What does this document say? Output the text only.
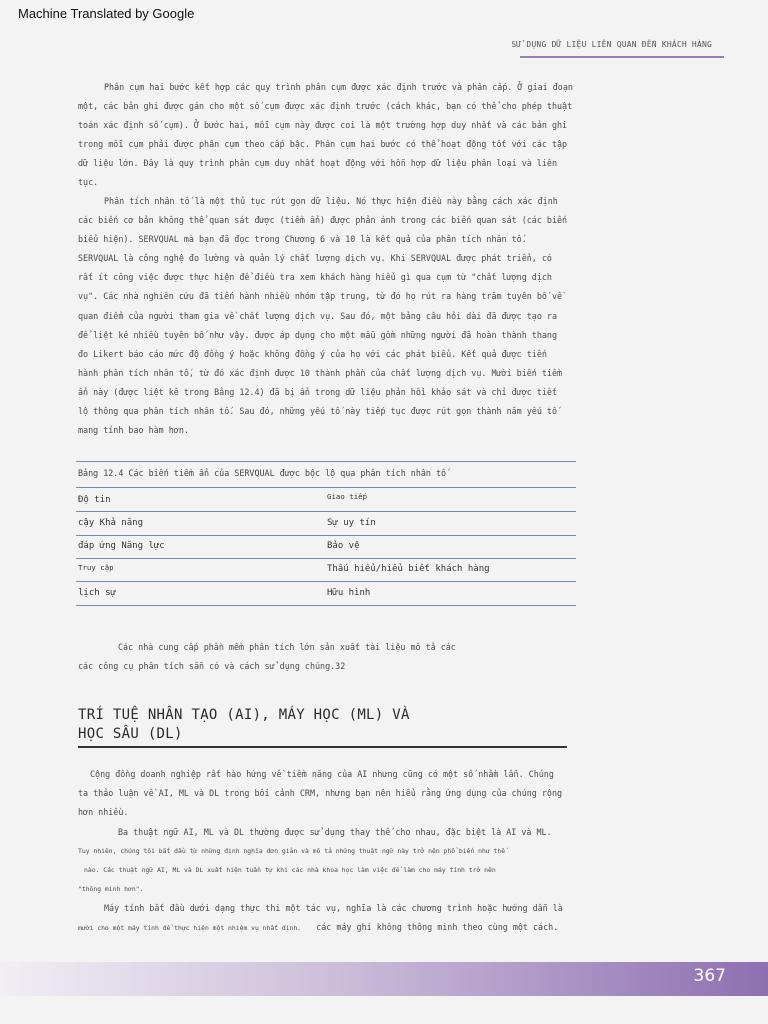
Machine Translated by Google
SỬ DỤNG DỮ LIỆU LIÊN QUAN ĐẾN KHÁCH HÀNG
Phân cụm hai bước kết hợp các quy trình phân cụm được xác định trước và phân cấp. Ở giai đoạn
một, các bản ghi được gán cho một số cụm được xác định trước (cách khác, bạn có thể cho phép thuật
toán xác định số cụm). Ở bước hai, mỗi cụm này được coi là một trường hợp duy nhất và các bản ghi
trong mỗi cụm phải được phân cụm theo cấp bậc. Phân cụm hai bước có thể hoạt động tốt với các tập
dữ liệu lớn. Đây là quy trình phân cụm duy nhất hoạt động với hỗn hợp dữ liệu phân loại và liên
tục.
Phân tích nhân tố là một thủ tục rút gọn dữ liệu. Nó thực hiện điều này bằng cách xác định
các biến cơ bản không thể quan sát được (tiềm ẩn) được phản ánh trong các biến quan sát (các biến
biểu hiện). SERVQUAL mà bạn đã đọc trong Chương 6 và 10 là kết quả của phân tích nhân tố.
SERVQUAL là công nghệ đo lường và quản lý chất lượng dịch vụ. Khi SERVQUAL được phát triển, có
rất ít công việc được thực hiện để điều tra xem khách hàng hiểu gì qua cụm từ "chất lượng dịch
vụ". Các nhà nghiên cứu đã tiến hành nhiều nhóm tập trung, từ đó họ rút ra hàng trăm tuyên bố về
quan điểm của người tham gia về chất lượng dịch vụ. Sau đó, một bảng câu hỏi dài đã được tạo ra
để liệt kê nhiều tuyên bố như vậy. được áp dụng cho một mẫu gồm những người đã hoàn thành thang
đo Likert báo cáo mức độ đồng ý hoặc không đồng ý của họ với các phát biểu. Kết quả được tiến
hành phân tích nhân tố, từ đó xác định được 10 thành phần của chất lượng dịch vụ. Mười biến tiềm
ẩn này (được liệt kê trong Bảng 12.4) đã bị ẩn trong dữ liệu phản hồi khảo sát và chỉ được tiết
lộ thông qua phân tích nhân tố. Sau đó, những yếu tố này tiếp tục được rút gọn thành năm yếu tố
mang tính bao hàm hơn.
Bảng 12.4 Các biến tiềm ẩn của SERVQUAL được bộc lộ qua phân tích nhân tố
Độ tin	Giao tiếp
cậy Khả năng	Sự uy tín
đáp ứng Năng lực	Bảo vệ
Truy cập	Thấu hiểu/hiểu biết khách hàng
lịch sự	Hữu hình
Các nhà cung cấp phần mềm phân tích lớn sản xuất tài liệu mô tả các
các công cụ phân tích sẵn có và cách sử dụng chúng.32
TRÍ TUỆ NHÂN TẠO (AI), MÁY HỌC (ML) VÀ
HỌC SÂU (DL)
Cộng đồng doanh nghiệp rất hào hứng về tiềm năng của AI nhưng cũng có một số nhầm lẫn. Chúng
ta thảo luận về AI, ML và DL trong bối cảnh CRM, nhưng bạn nên hiểu rằng ứng dụng của chúng rộng
hơn nhiều.
Ba thuật ngữ AI, ML và DL thường được sử dụng thay thế cho nhau, đặc biệt là AI và ML.
Tuy nhiên, chúng tôi bắt đầu từ những định nghĩa đơn giản và mô tả những thuật ngữ này trở nên phổ biến như thế
nào. Các thuật ngữ AI, ML và DL xuất hiện tuần tự khi các nhà khoa học làm việc để làm cho máy tính trở nên
"thông minh hơn".
Máy tính bắt đầu dưới dạng thực thi một tác vụ, nghĩa là các chương trình hoặc hướng dẫn là
mười cho một máy tính để thực hiện một nhiệm vụ nhất định. các máy ghi không thông minh theo cùng một cách.
367
